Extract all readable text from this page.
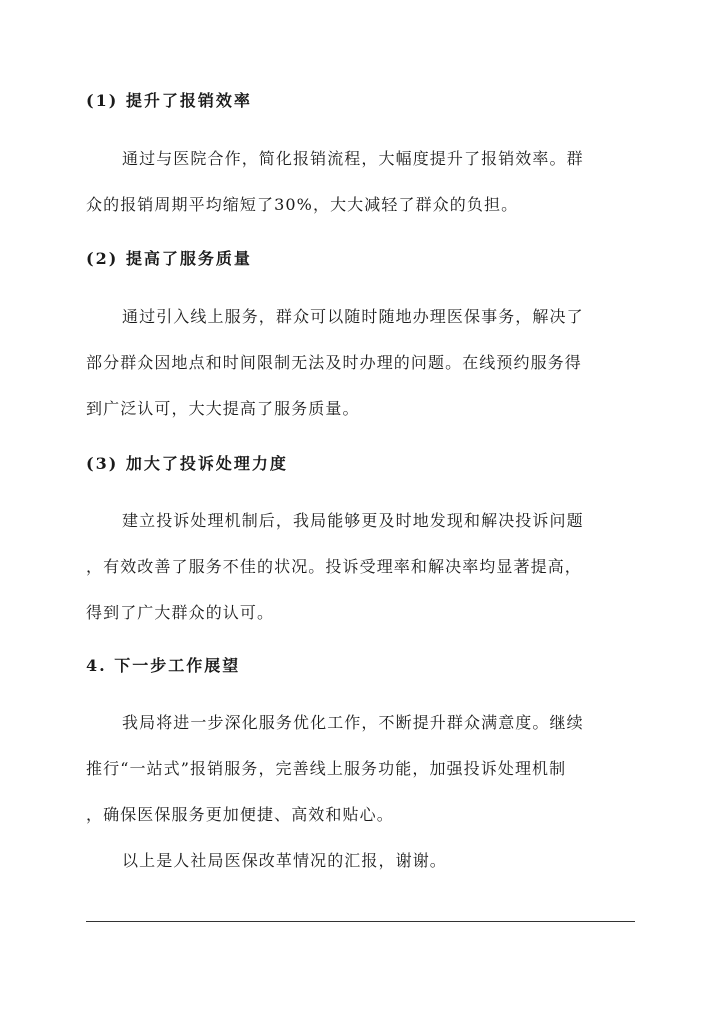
(1) 提升了报销效率
通过与医院合作，简化报销流程，大幅度提升了报销效率。群
众的报销周期平均缩短了30%，大大减轻了群众的负担。
(2) 提高了服务质量
通过引入线上服务，群众可以随时随地办理医保事务，解决了
部分群众因地点和时间限制无法及时办理的问题。在线预约服务得
到广泛认可，大大提高了服务质量。
(3) 加大了投诉处理力度
建立投诉处理机制后，我局能够更及时地发现和解决投诉问题
，有效改善了服务不佳的状况。投诉受理率和解决率均显著提高，
得到了广大群众的认可。
4. 下一步工作展望
我局将进一步深化服务优化工作，不断提升群众满意度。继续
推行“一站式”报销服务，完善线上服务功能，加强投诉处理机制
，确保医保服务更加便捷、高效和贴心。
以上是人社局医保改革情况的汇报，谢谢。
